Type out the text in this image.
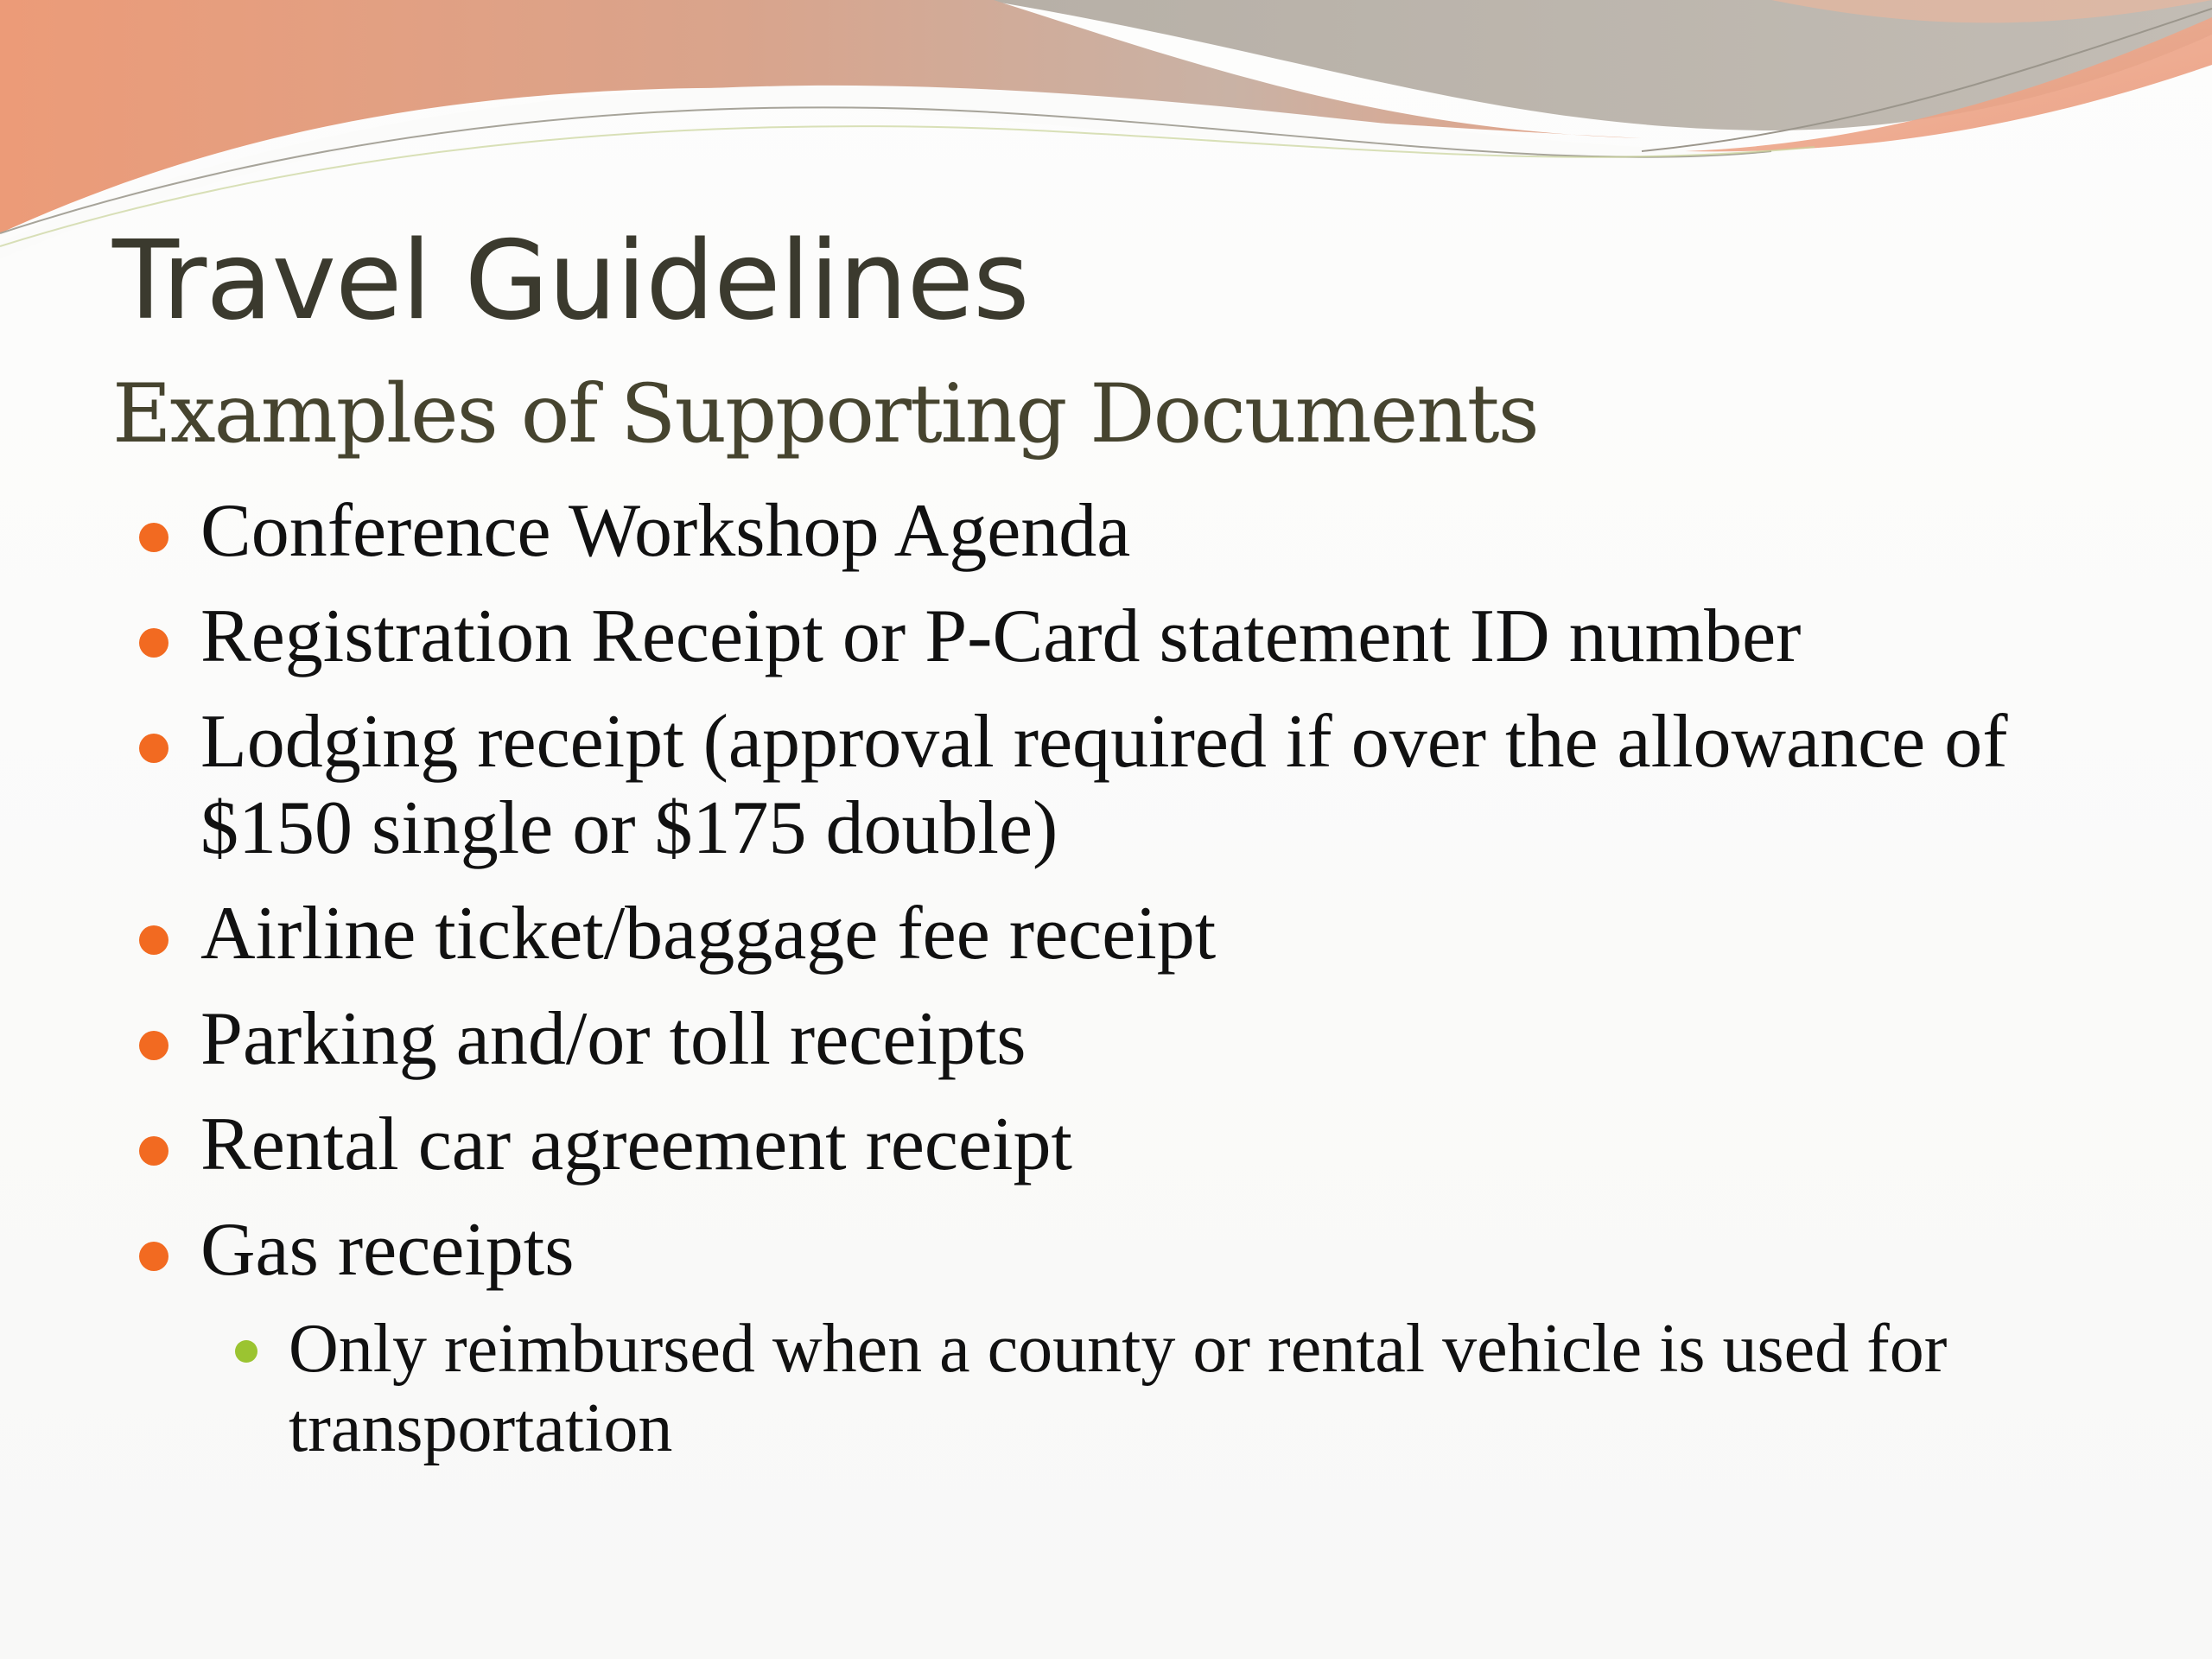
Travel Guidelines
Examples of Supporting Documents
Conference Workshop Agenda
Registration Receipt or P-Card statement ID number
Lodging receipt (approval required if over the allowance of $150 single or $175 double)
Airline ticket/baggage fee receipt
Parking and/or toll receipts
Rental car agreement receipt
Gas receipts
Only reimbursed when a county or rental vehicle is used for transportation
